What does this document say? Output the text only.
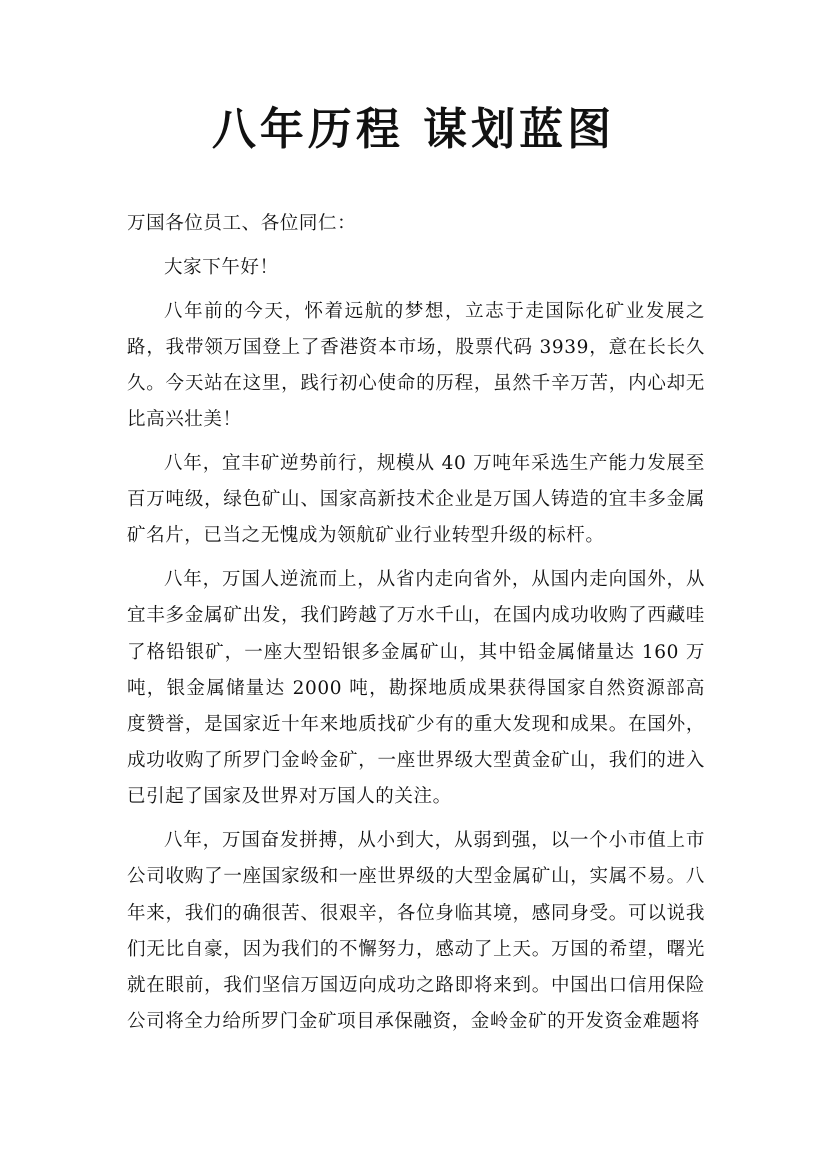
八年历程 谋划蓝图

万国各位员工、各位同仁：

大家下午好！

八年前的今天，怀着远航的梦想，立志于走国际化矿业发展之路，我带领万国登上了香港资本市场，股票代码 3939，意在长长久久。今天站在这里，践行初心使命的历程，虽然千辛万苦，内心却无比高兴壮美！

八年，宜丰矿逆势前行，规模从 40 万吨年采选生产能力发展至百万吨级，绿色矿山、国家高新技术企业是万国人铸造的宜丰多金属矿名片，已当之无愧成为领航矿业行业转型升级的标杆。

八年，万国人逆流而上，从省内走向省外，从国内走向国外，从宜丰多金属矿出发，我们跨越了万水千山，在国内成功收购了西藏哇了格铅银矿，一座大型铅银多金属矿山，其中铅金属储量达 160 万吨，银金属储量达 2000 吨，勘探地质成果获得国家自然资源部高度赞誉，是国家近十年来地质找矿少有的重大发现和成果。在国外，成功收购了所罗门金岭金矿，一座世界级大型黄金矿山，我们的进入已引起了国家及世界对万国人的关注。

八年，万国奋发拼搏，从小到大，从弱到强，以一个小市值上市公司收购了一座国家级和一座世界级的大型金属矿山，实属不易。八年来，我们的确很苦、很艰辛，各位身临其境，感同身受。可以说我们无比自豪，因为我们的不懈努力，感动了上天。万国的希望，曙光就在眼前，我们坚信万国迈向成功之路即将来到。中国出口信用保险公司将全力给所罗门金矿项目承保融资，金岭金矿的开发资金难题将
